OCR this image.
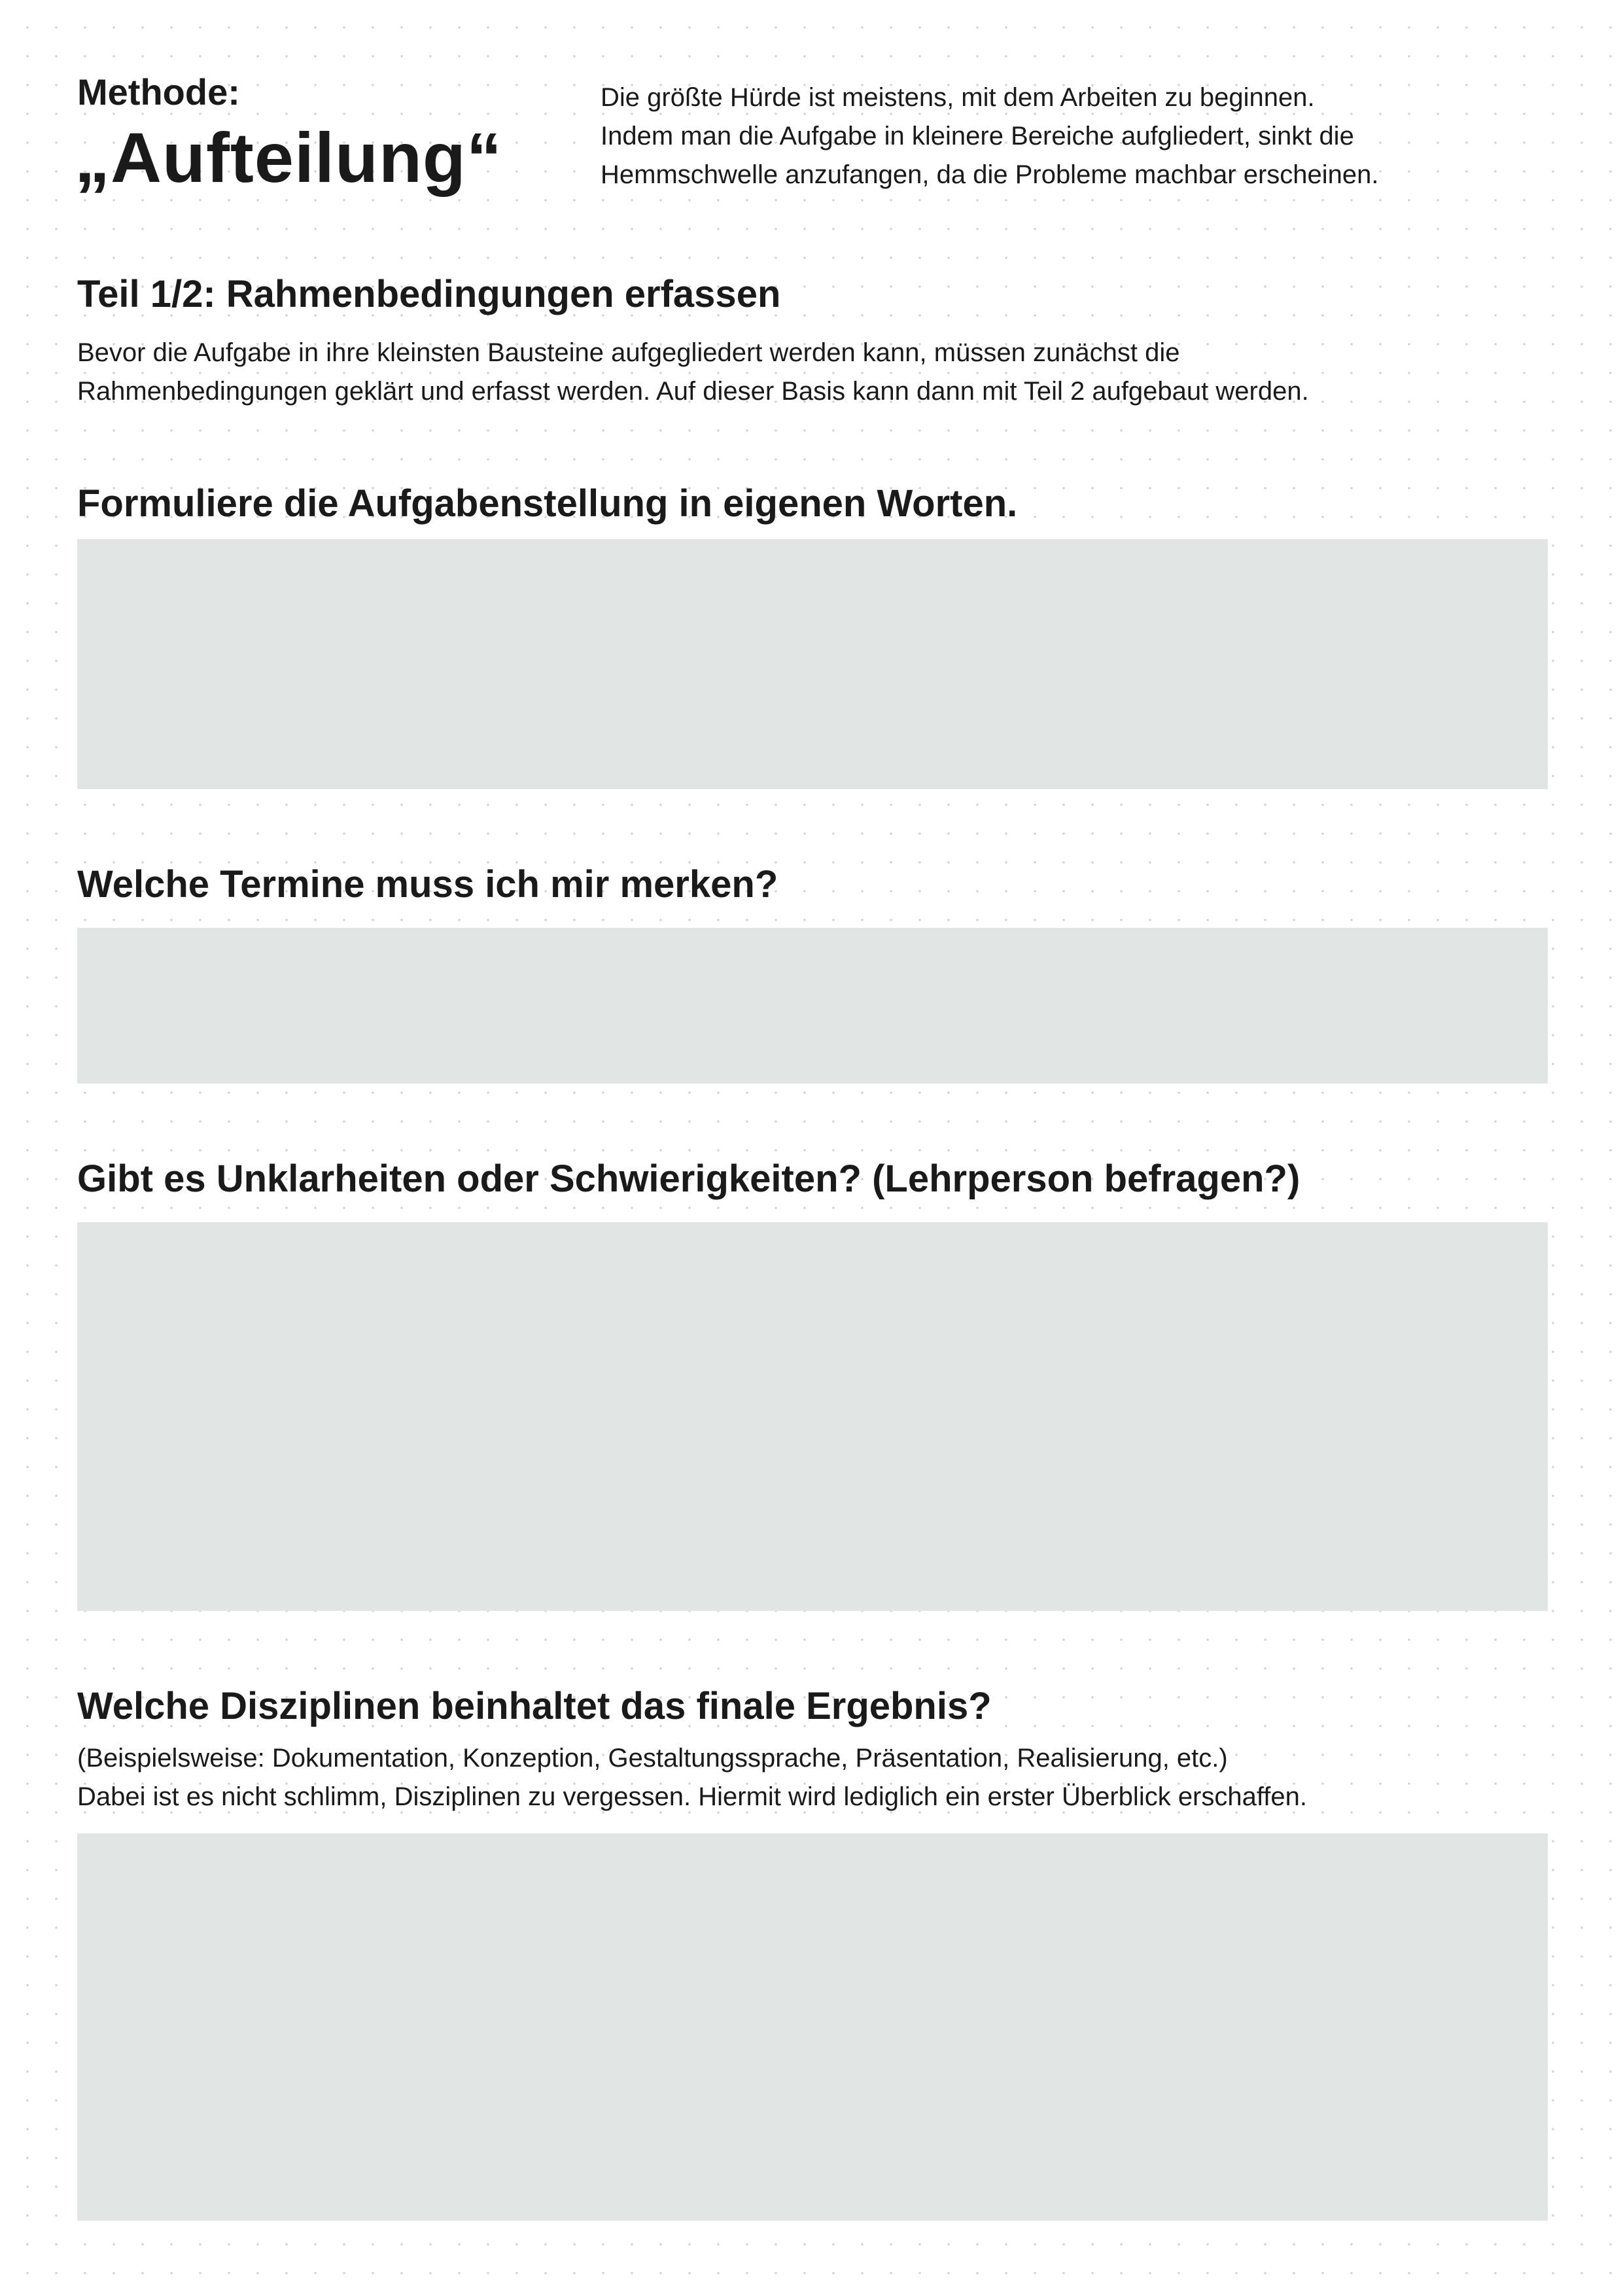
Methode:
„Aufteilung“
Die größte Hürde ist meistens, mit dem Arbeiten zu beginnen.
Indem man die Aufgabe in kleinere Bereiche aufgliedert, sinkt die
Hemmschwelle anzufangen, da die Probleme machbar erscheinen.
Teil 1/2: Rahmenbedingungen erfassen
Bevor die Aufgabe in ihre kleinsten Bausteine aufgegliedert werden kann, müssen zunächst die
Rahmenbedingungen geklärt und erfasst werden. Auf dieser Basis kann dann mit Teil 2 aufgebaut werden.
Formuliere die Aufgabenstellung in eigenen Worten.
Welche Termine muss ich mir merken?
Gibt es Unklarheiten oder Schwierigkeiten? (Lehrperson befragen?)
Welche Disziplinen beinhaltet das finale Ergebnis?
(Beispielsweise: Dokumentation, Konzeption, Gestaltungssprache, Präsentation, Realisierung, etc.)
Dabei ist es nicht schlimm, Disziplinen zu vergessen. Hiermit wird lediglich ein erster Überblick erschaffen.
